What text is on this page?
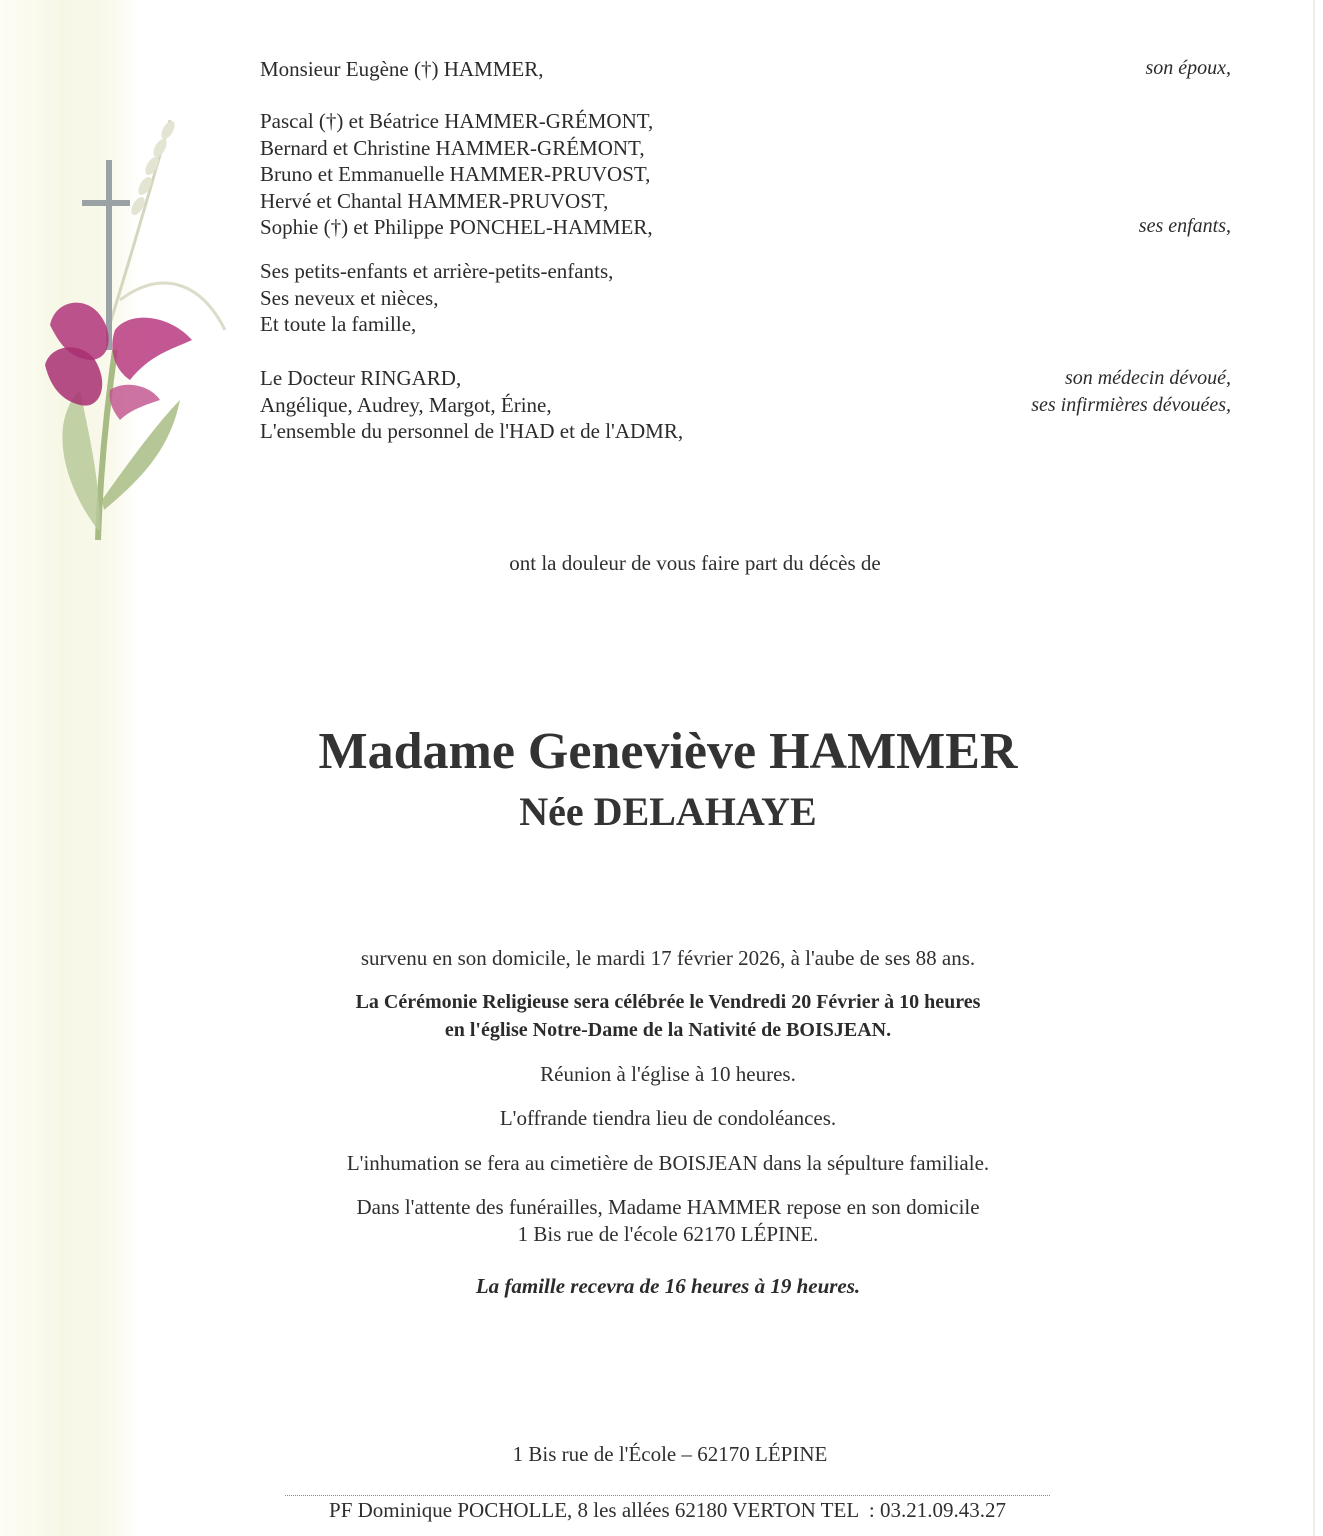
Monsieur Eugène (†) HAMMER,	son époux,
Pascal (†) et Béatrice HAMMER-GRÉMONT,
Bernard et Christine HAMMER-GRÉMONT,
Bruno et Emmanuelle HAMMER-PRUVOST,
Hervé et Chantal HAMMER-PRUVOST,
Sophie (†) et Philippe PONCHEL-HAMMER,	ses enfants,
Ses petits-enfants et arrière-petits-enfants,
Ses neveux et nièces,
Et toute la famille,
Le Docteur RINGARD,
Angélique, Audrey, Margot, Érine,
L'ensemble du personnel de l'HAD et de l'ADMR,
son médecin dévoué,
ses infirmières dévouées,
ont la douleur de vous faire part du décès de
Madame Geneviève HAMMER
Née DELAHAYE
survenu en son domicile, le mardi 17 février 2026, à l'aube de ses 88 ans.
La Cérémonie Religieuse sera célébrée le Vendredi 20 Février à 10 heures
en l'église Notre-Dame de la Nativité de BOISJEAN.
Réunion à l'église à 10 heures.
L'offrande tiendra lieu de condoléances.
L'inhumation se fera au cimetière de BOISJEAN dans la sépulture familiale.
Dans l'attente des funérailles, Madame HAMMER repose en son domicile
1 Bis rue de l'école 62170 LÉPINE.
La famille recevra de 16 heures à 19 heures.
1 Bis rue de l'École – 62170 LÉPINE
PF Dominique POCHOLLE, 8 les allées 62180 VERTON TEL  : 03.21.09.43.27
